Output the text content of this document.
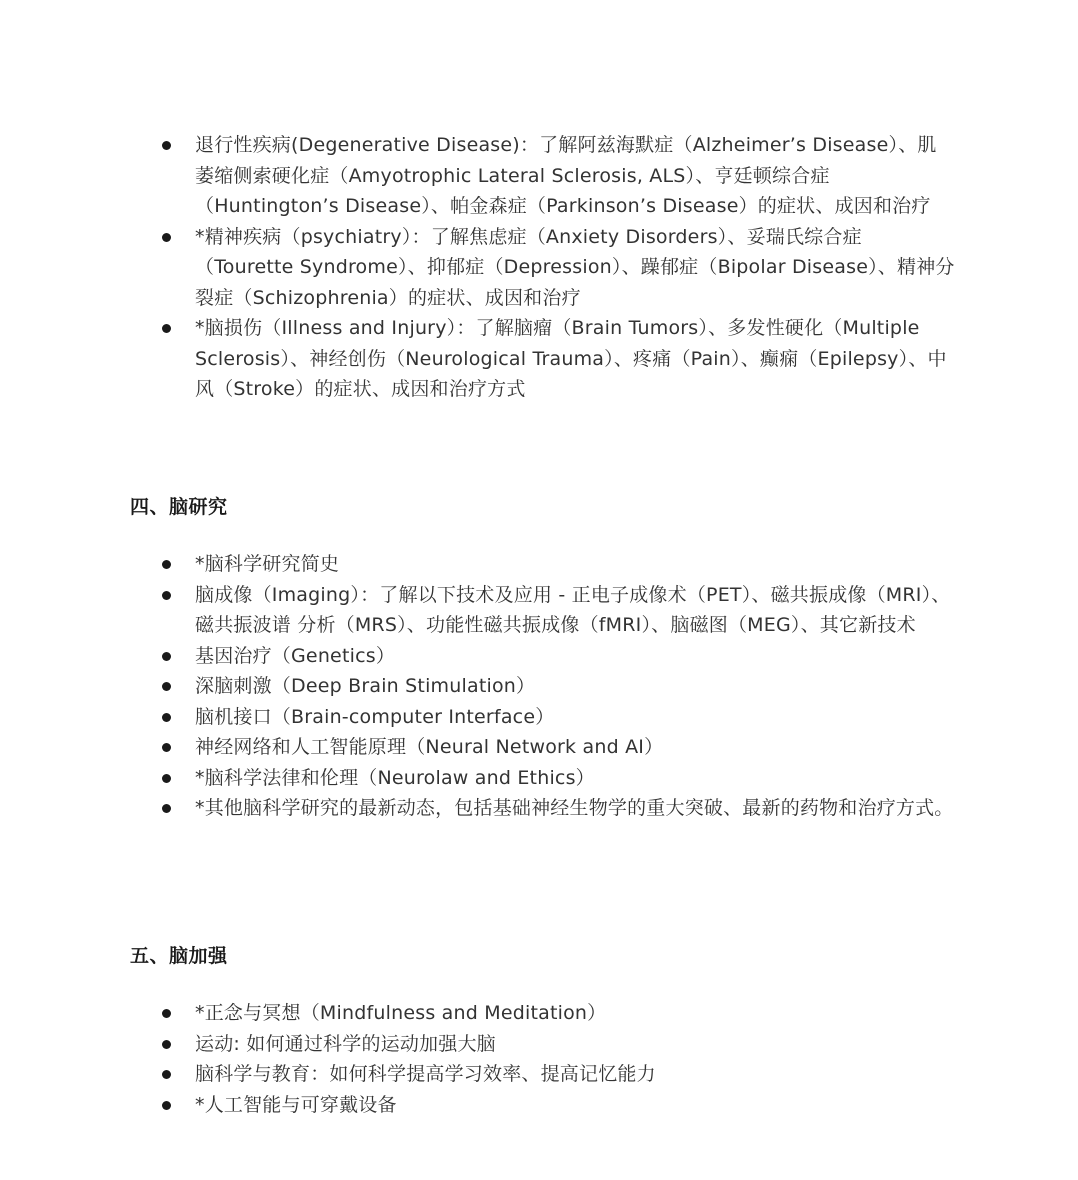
退行性疾病(Degenerative Disease)：了解阿兹海默症（Alzheimer’s Disease）、肌萎缩侧索硬化症（Amyotrophic Lateral Sclerosis, ALS）、亨廷顿综合症（Huntington’s Disease）、帕金森症（Parkinson’s Disease）的症状、成因和治疗
*精神疾病（psychiatry）：了解焦虑症（Anxiety Disorders）、妥瑞氏综合症（Tourette Syndrome）、抑郁症（Depression）、躁郁症（Bipolar Disease）、精神分裂症（Schizophrenia）的症状、成因和治疗
*脑损伤（Illness and Injury）：了解脑瘤（Brain Tumors）、多发性硬化（Multiple Sclerosis）、神经创伤（Neurological Trauma）、疼痛（Pain）、癫痫（Epilepsy）、中风（Stroke）的症状、成因和治疗方式
四、脑研究
*脑科学研究简史
脑成像（Imaging）：了解以下技术及应用 - 正电子成像术（PET）、磁共振成像（MRI）、磁共振波谱 分析（MRS）、功能性磁共振成像（fMRI）、脑磁图（MEG）、其它新技术
基因治疗（Genetics）
深脑刺激（Deep Brain Stimulation）
脑机接口（Brain-computer Interface）
神经网络和人工智能原理（Neural Network and AI）
*脑科学法律和伦理（Neurolaw and Ethics）
*其他脑科学研究的最新动态，包括基础神经生物学的重大突破、最新的药物和治疗方式。
五、脑加强
*正念与冥想（Mindfulness and Meditation）
运动: 如何通过科学的运动加强大脑
脑科学与教育：如何科学提高学习效率、提高记忆能力
*人工智能与可穿戴设备
